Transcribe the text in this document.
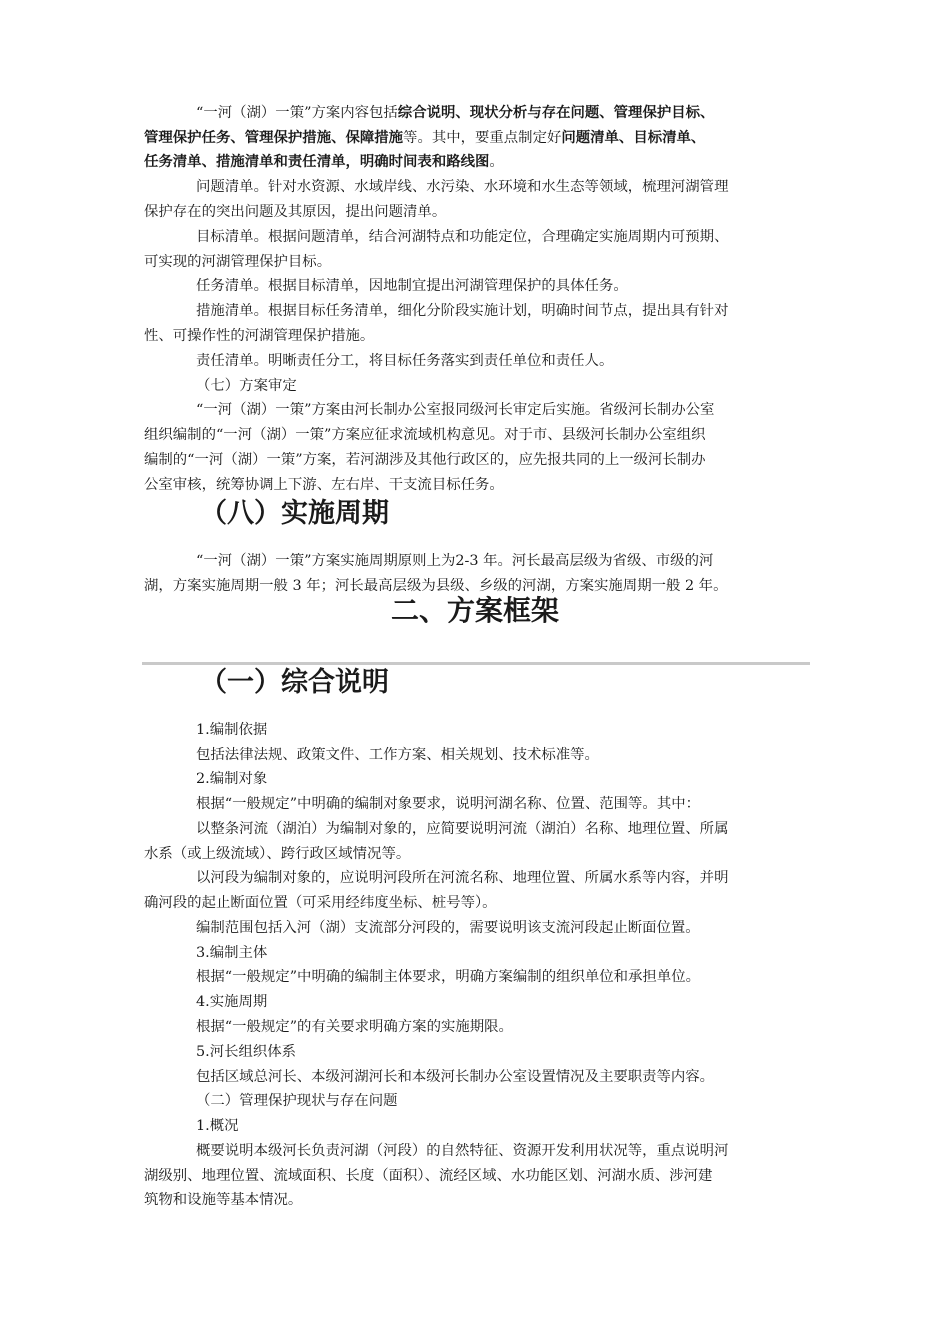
“一河（湖）一策”方案内容包括综合说明、现状分析与存在问题、管理保护目标、
管理保护任务、管理保护措施、保障措施等。其中，要重点制定好问题清单、目标清单、
任务清单、措施清单和责任清单，明确时间表和路线图。
问题清单。针对水资源、水域岸线、水污染、水环境和水生态等领域，梳理河湖管理
保护存在的突出问题及其原因，提出问题清单。
目标清单。根据问题清单，结合河湖特点和功能定位，合理确定实施周期内可预期、
可实现的河湖管理保护目标。
任务清单。根据目标清单，因地制宜提出河湖管理保护的具体任务。
措施清单。根据目标任务清单，细化分阶段实施计划，明确时间节点，提出具有针对
性、可操作性的河湖管理保护措施。
责任清单。明晰责任分工，将目标任务落实到责任单位和责任人。
（七）方案审定
“一河（湖）一策”方案由河长制办公室报同级河长审定后实施。省级河长制办公室
组织编制的“一河（湖）一策”方案应征求流域机构意见。对于市、县级河长制办公室组织
编制的“一河（湖）一策”方案，若河湖涉及其他行政区的，应先报共同的上一级河长制办
公室审核，统筹协调上下游、左右岸、干支流目标任务。
（八）实施周期
“一河（湖）一策”方案实施周期原则上为2-3 年。河长最高层级为省级、市级的河
湖，方案实施周期一般 3 年；河长最高层级为县级、乡级的河湖，方案实施周期一般 2 年。
二、方案框架
（一）综合说明
1.编制依据
包括法律法规、政策文件、工作方案、相关规划、技术标准等。
2.编制对象
根据“一般规定”中明确的编制对象要求，说明河湖名称、位置、范围等。其中：
以整条河流（湖泊）为编制对象的，应简要说明河流（湖泊）名称、地理位置、所属
水系（或上级流域）、跨行政区域情况等。
以河段为编制对象的，应说明河段所在河流名称、地理位置、所属水系等内容，并明
确河段的起止断面位置（可采用经纬度坐标、桩号等）。
编制范围包括入河（湖）支流部分河段的，需要说明该支流河段起止断面位置。
3.编制主体
根据“一般规定”中明确的编制主体要求，明确方案编制的组织单位和承担单位。
4.实施周期
根据“一般规定”的有关要求明确方案的实施期限。
5.河长组织体系
包括区域总河长、本级河湖河长和本级河长制办公室设置情况及主要职责等内容。
（二）管理保护现状与存在问题
1.概况
概要说明本级河长负责河湖（河段）的自然特征、资源开发利用状况等，重点说明河
湖级别、地理位置、流域面积、长度（面积）、流经区域、水功能区划、河湖水质、涉河建
筑物和设施等基本情况。
